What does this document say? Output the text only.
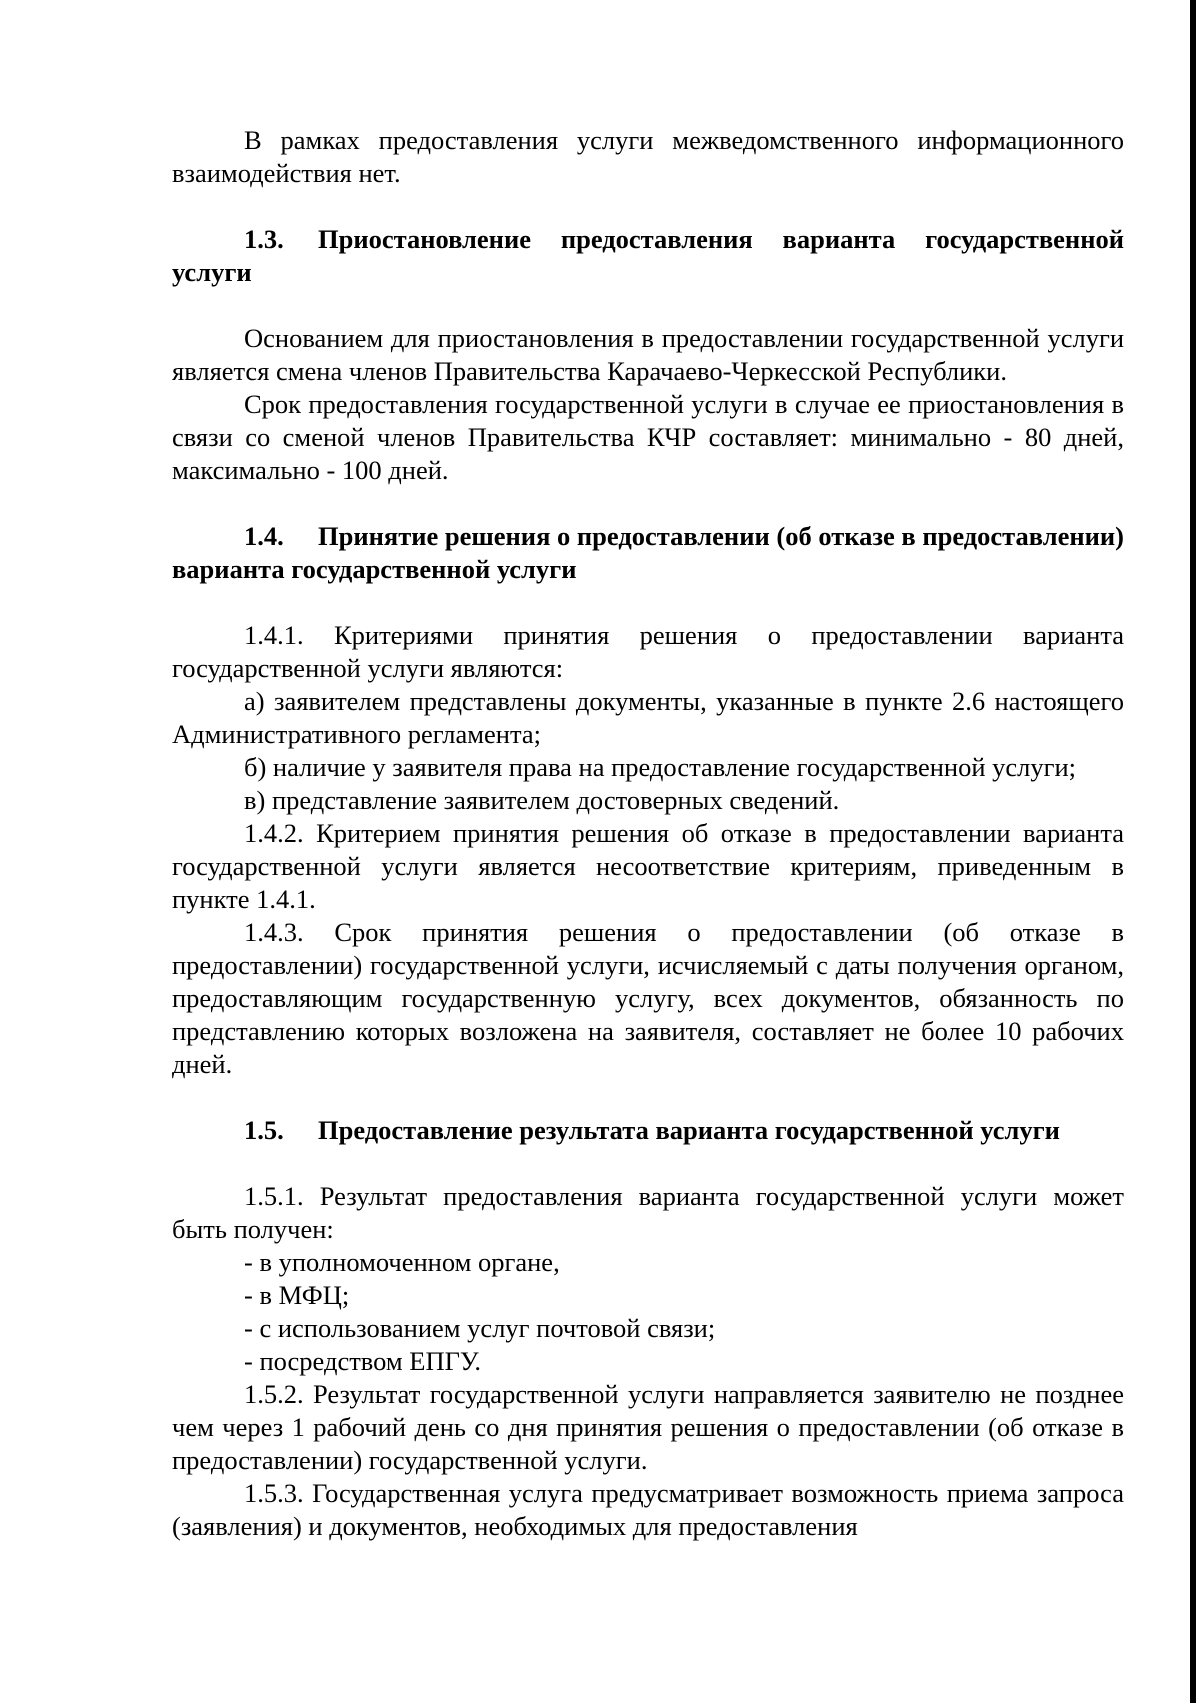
В рамках предоставления услуги межведомственного информационного взаимодействия нет.

1.3. Приостановление предоставления варианта государственной услуги

Основанием для приостановления в предоставлении государственной услуги является смена членов Правительства Карачаево-Черкесской Республики.

Срок предоставления государственной услуги в случае ее приостановления в связи со сменой членов Правительства КЧР составляет: минимально - 80 дней, максимально - 100 дней.

1.4. Принятие решения о предоставлении (об отказе в предоставлении) варианта государственной услуги

1.4.1. Критериями принятия решения о предоставлении варианта государственной услуги являются:

а) заявителем представлены документы, указанные в пункте 2.6 настоящего Административного регламента;

б) наличие у заявителя права на предоставление государственной услуги;

в) представление заявителем достоверных сведений.

1.4.2. Критерием принятия решения об отказе в предоставлении варианта государственной услуги является несоответствие критериям, приведенным в пункте 1.4.1.

1.4.3. Срок принятия решения о предоставлении (об отказе в предоставлении) государственной услуги, исчисляемый с даты получения органом, предоставляющим государственную услугу, всех документов, обязанность по представлению которых возложена на заявителя, составляет не более 10 рабочих дней.

1.5. Предоставление результата варианта государственной услуги

1.5.1. Результат предоставления варианта государственной услуги может быть получен:

- в уполномоченном органе,

- в МФЦ;

- с использованием услуг почтовой связи;

- посредством ЕПГУ.

1.5.2. Результат государственной услуги направляется заявителю не позднее чем через 1 рабочий день со дня принятия решения о предоставлении (об отказе в предоставлении) государственной услуги.

1.5.3. Государственная услуга предусматривает возможность приема запроса (заявления) и документов, необходимых для предоставления
